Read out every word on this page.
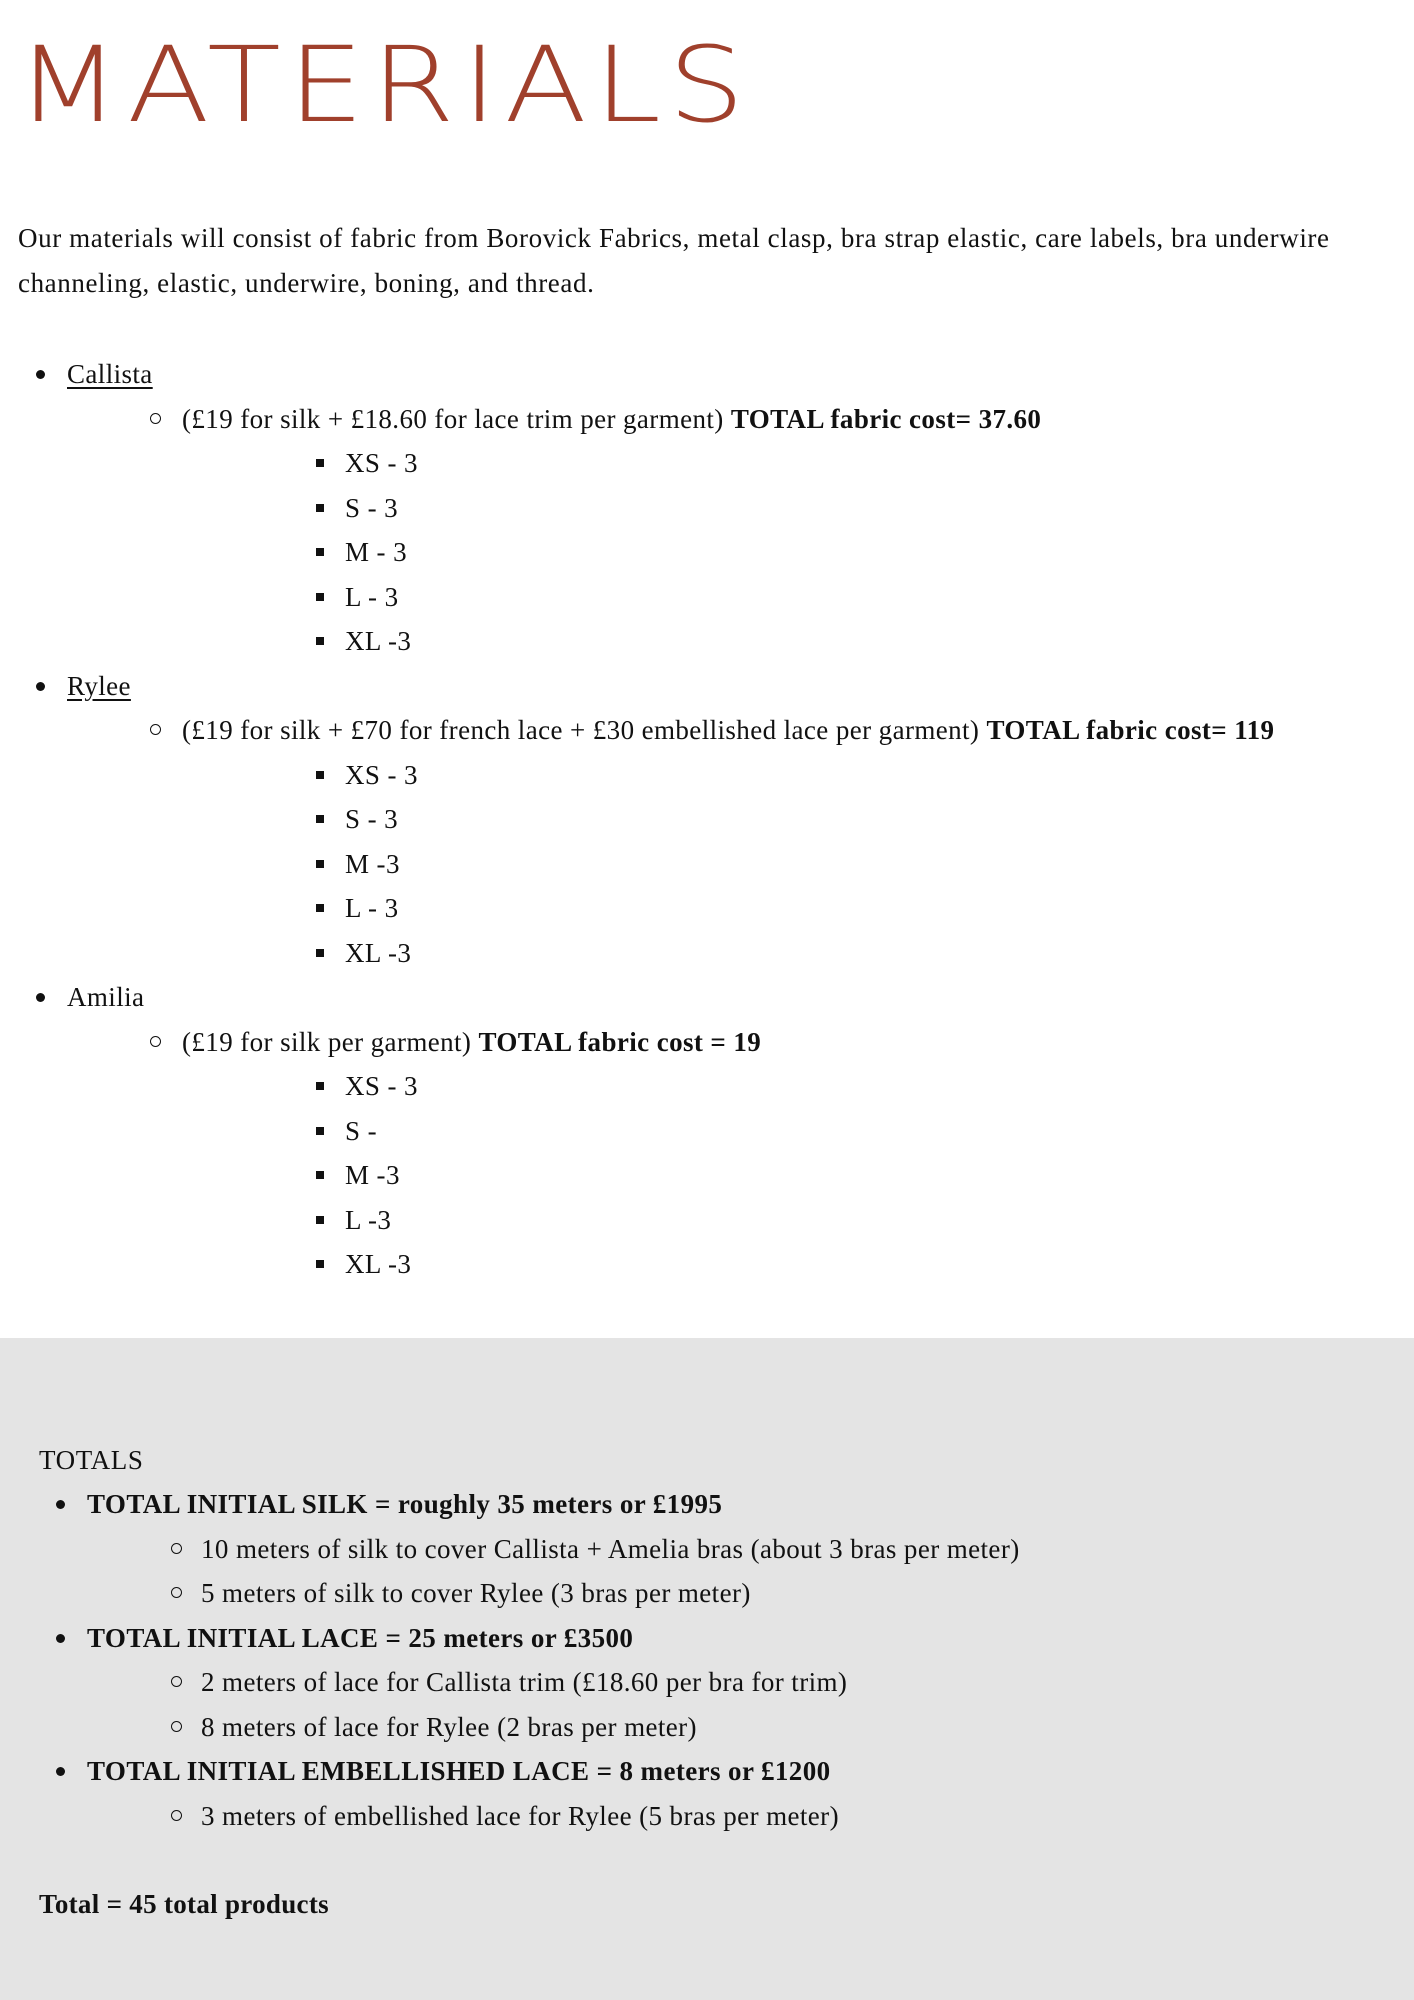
MATERIALS

Our materials will consist of fabric from Borovick Fabrics, metal clasp, bra strap elastic, care labels, bra underwire channeling, elastic, underwire, boning, and thread.

Callista
(£19 for silk + £18.60 for lace trim per garment) TOTAL fabric cost= 37.60
XS - 3
S - 3
M - 3
L - 3
XL -3
Rylee
(£19 for silk + £70 for french lace + £30 embellished lace per garment) TOTAL fabric cost= 119
XS - 3
S - 3
M -3
L - 3
XL -3
Amilia
(£19 for silk per garment) TOTAL fabric cost = 19
XS - 3
S -
M -3
L -3
XL -3
TOTALS
TOTAL INITIAL SILK = roughly 35 meters or £1995
10 meters of silk to cover Callista + Amelia bras (about 3 bras per meter)
5 meters of silk to cover Rylee (3 bras per meter)
TOTAL INITIAL LACE = 25 meters or £3500
2 meters of lace for Callista trim (£18.60 per bra for trim)
8 meters of lace for Rylee (2 bras per meter)
TOTAL INITIAL EMBELLISHED LACE = 8 meters or £1200
3 meters of embellished lace for Rylee (5 bras per meter)

Total = 45 total products
